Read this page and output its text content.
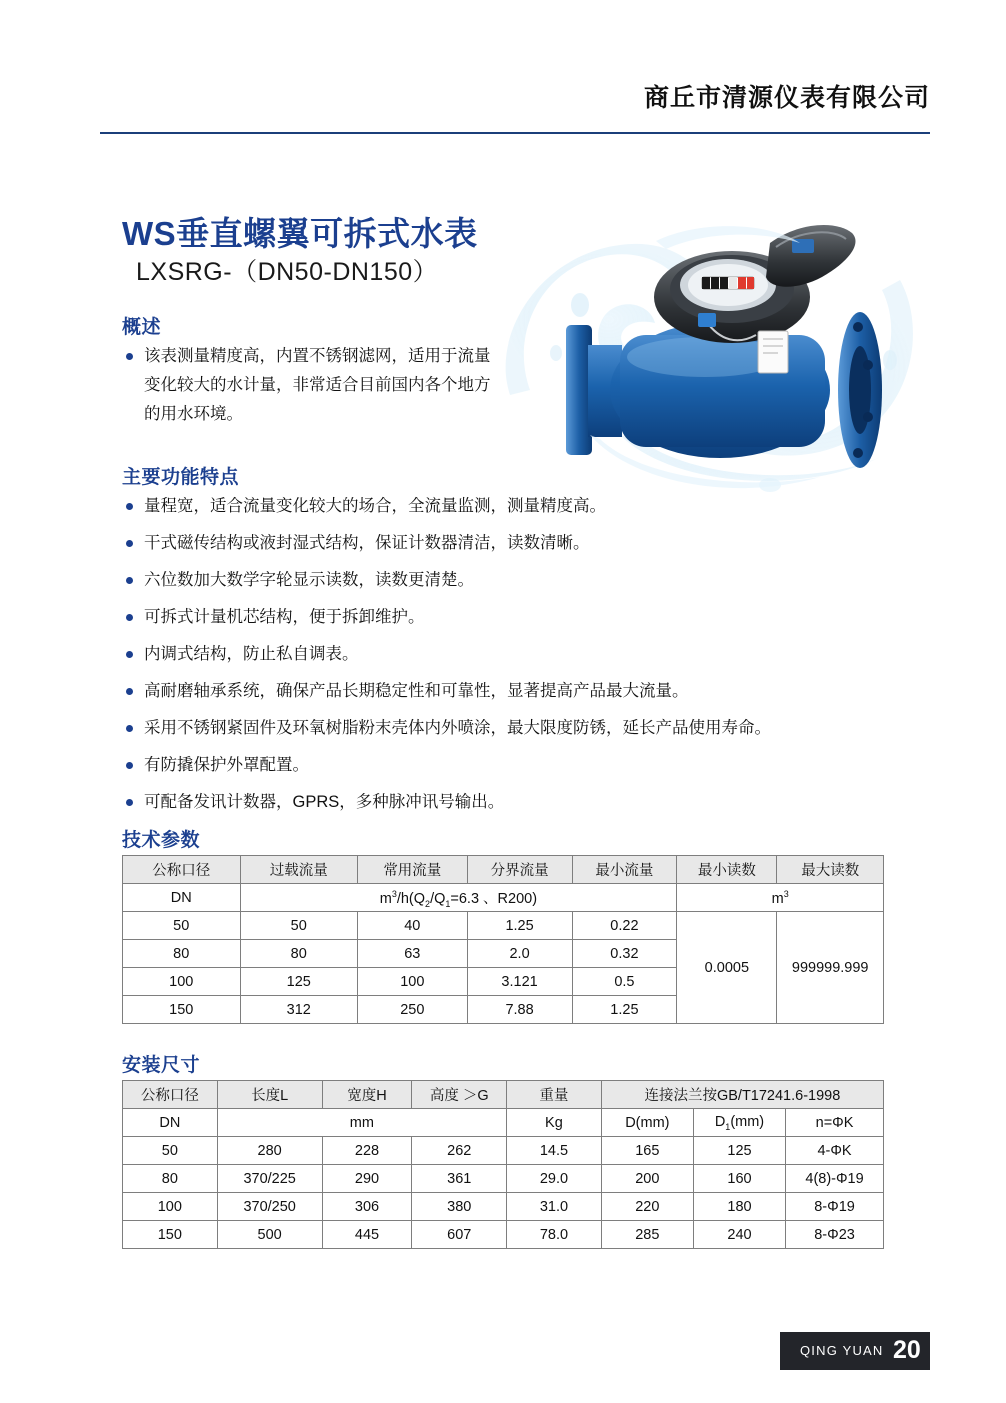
商丘市清源仪表有限公司
WS垂直螺翼可拆式水表
LXSRG-（DN50-DN150）
概述
该表测量精度高，内置不锈钢滤网，适用于流量变化较大的水计量，非常适合目前国内各个地方的用水环境。
主要功能特点
量程宽，适合流量变化较大的场合，全流量监测，测量精度高。
干式磁传结构或液封湿式结构，保证计数器清洁，读数清晰。
六位数加大数学字轮显示读数，读数更清楚。
可拆式计量机芯结构，便于拆卸维护。
内调式结构，防止私自调表。
高耐磨轴承系统，确保产品长期稳定性和可靠性，显著提高产品最大流量。
采用不锈钢紧固件及环氧树脂粉末壳体内外喷涂，最大限度防锈，延长产品使用寿命。
有防撬保护外罩配置。
可配备发讯计数器，GPRS，多种脉冲讯号输出。
技术参数
公称口径	过载流量	常用流量	分界流量	最小流量	最小读数	最大读数
DN	$m^3/h(Q_2/Q_1=6.3$ 、R200)				$m^3$
50	50	40	1.25	0.22	0.0005	999999.999
80	80	63	2.0	0.32		
100	125	100	3.121	0.5		
150	312	250	7.88	1.25		
安装尺寸
公称口径	长度L	宽度H	高度 ＞G	重量	连接法兰按GB/T17241.6-1998		
DN	mm			Kg	D(mm)	$D_1(mm)$	n=ΦK
50	280	228	262	14.5	165	125	4-ΦK
80	370/225	290	361	29.0	200	160	4(8)-Φ19
100	370/250	306	380	31.0	220	180	8-Φ19
150	500	445	607	78.0	285	240	8-Φ23
QING YUAN 20
